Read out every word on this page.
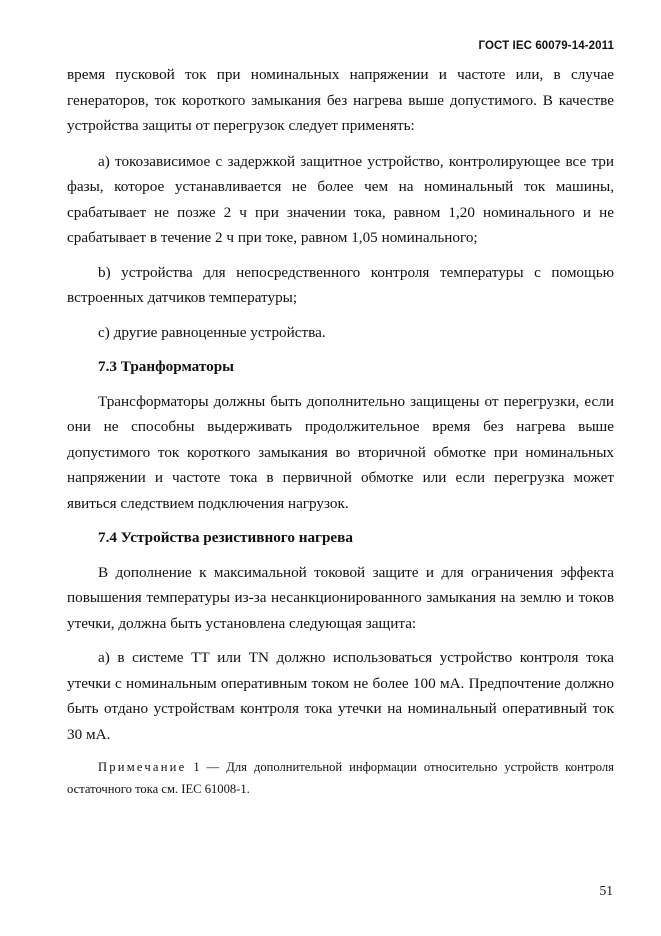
ГОСТ IEC 60079-14-2011

время пусковой ток при номинальных напряжении и частоте или, в случае генераторов, ток короткого замыкания без нагрева выше допустимого. В качестве устройства защиты от перегрузок следует применять:

а) токозависимое с задержкой защитное устройство, контролирующее все три фазы, которое устанавливается не более чем на номинальный ток машины, срабатывает не позже 2 ч при значении тока, равном 1,20 номинального и не срабатывает в течение 2 ч при токе, равном 1,05 номинального;

b) устройства для непосредственного контроля температуры с помощью встроенных датчиков температуры;

с) другие равноценные устройства.

7.3 Транформаторы

Трансформаторы должны быть дополнительно защищены от перегрузки, если они не способны выдерживать продолжительное время без нагрева выше допустимого ток короткого замыкания во вторичной обмотке при номинальных напряжении и частоте тока в первичной обмотке или если перегрузка может явиться следствием подключения нагрузок.

7.4 Устройства резистивного нагрева

В дополнение к максимальной токовой защите и для ограничения эффекта повышения температуры из-за несанкционированного замыкания на землю и токов утечки, должна быть установлена следующая защита:

а) в системе ТТ или TN должно использоваться устройство контроля тока утечки с номинальным оперативным током не более 100 мА. Предпочтение должно быть отдано устройствам контроля тока утечки на номинальный оперативный ток 30 мА.

Примечание 1 — Для дополнительной информации относительно устройств контроля остаточного тока см. IEC 61008-1.
51
